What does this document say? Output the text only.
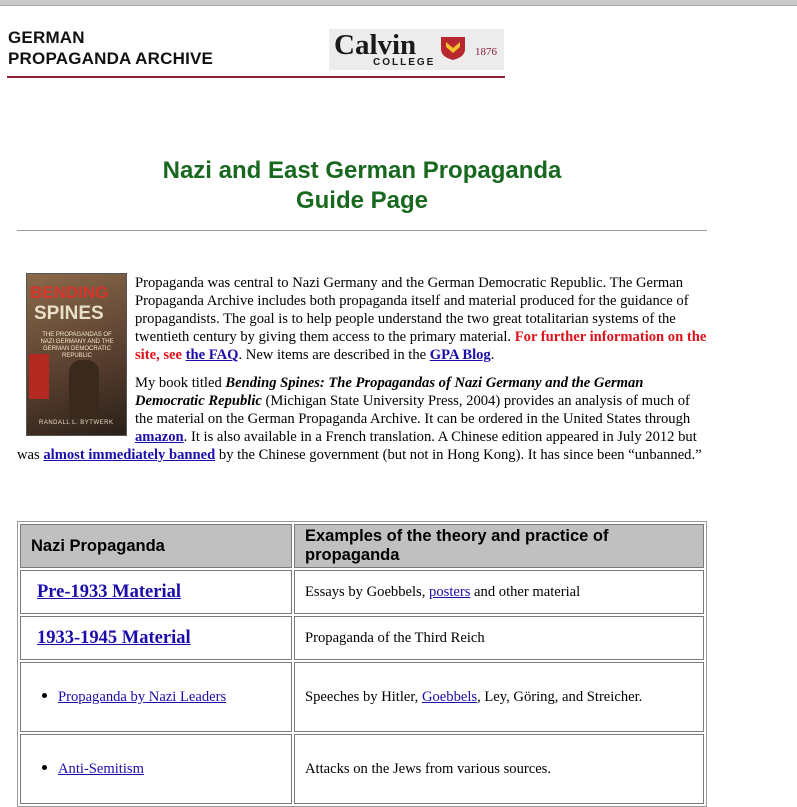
GERMAN
PROPAGANDA ARCHIVE	Calvin
COLLEGE
1876
Nazi and East German Propaganda
Guide Page

Propaganda was central to Nazi Germany and the German Democratic Republic. The German Propaganda Archive includes both propaganda itself and material produced for the guidance of propagandists. The goal is to help people understand the two great totalitarian systems of the twentieth century by giving them access to the primary material. For further information on the site, see the FAQ. New items are described in the GPA Blog.

My book titled Bending Spines: The Propagandas of Nazi Germany and the German Democratic Republic (Michigan State University Press, 2004) provides an analysis of much of the material on the German Propaganda Archive. It can be ordered in the United States through amazon. It is also available in a French translation. A Chinese edition appeared in July 2012 but was almost immediately banned by the Chinese government (but not in Hong Kong). It has since been “unbanned.”

BENDING
SPINES
THE PROPAGANDAS OF NAZI GERMANY AND THE GERMAN DEMOCRATIC REPUBLIC
RANDALL L. BYTWERK
Nazi Propaganda	Examples of the theory and practice of propaganda
Pre-1933 Material	Essays by Goebbels, posters and other material
1933-1945 Material	Propaganda of the Third Reich
Propaganda by Nazi Leaders	Speeches by Hitler, Goebbels, Ley, Göring, and Streicher.
Anti-Semitism	Attacks on the Jews from various sources.
